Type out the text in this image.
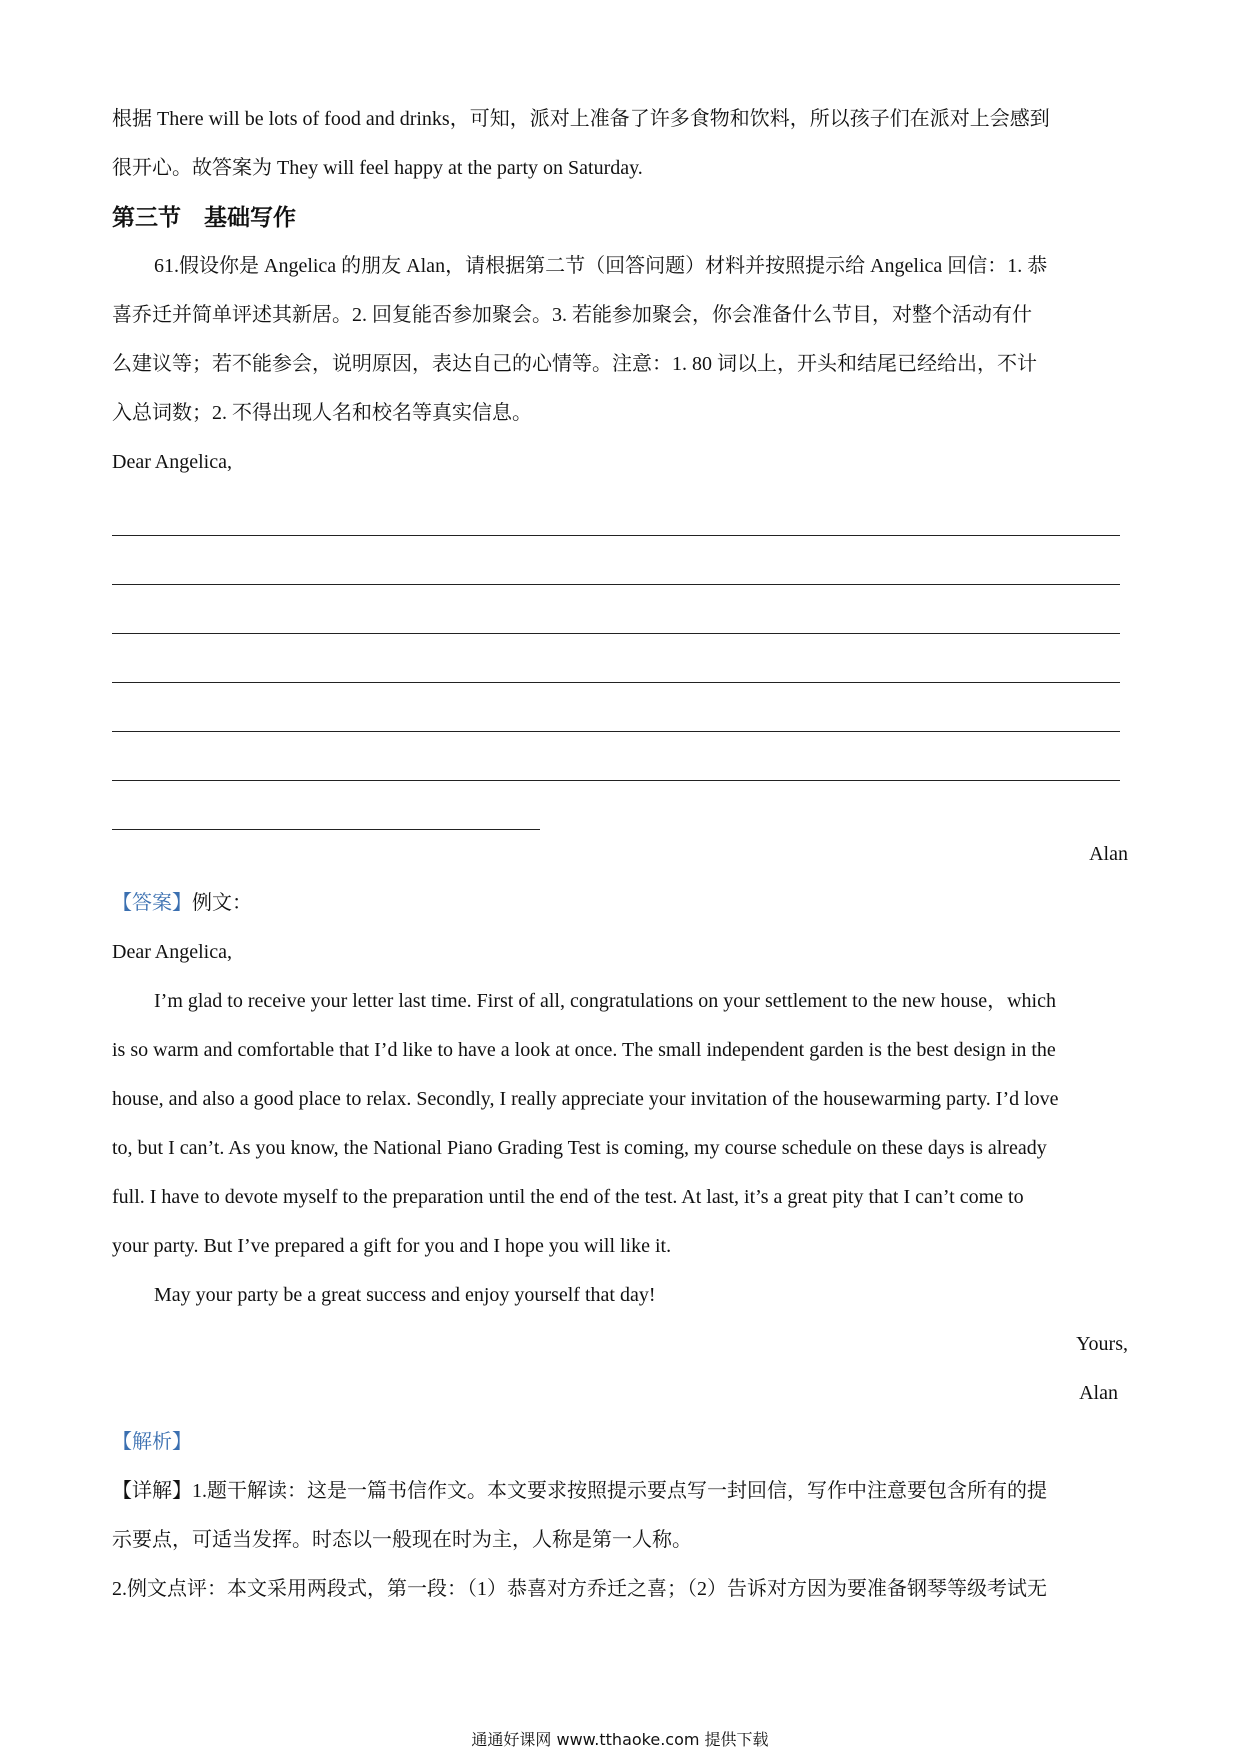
根据 There will be lots of food and drinks，可知，派对上准备了许多食物和饮料，所以孩子们在派对上会感到

很开心。故答案为 They will feel happy at the party on Saturday.

第三节　基础写作

61.假设你是 Angelica 的朋友 Alan，请根据第二节（回答问题）材料并按照提示给 Angelica 回信：1. 恭

喜乔迁并简单评述其新居。2. 回复能否参加聚会。3. 若能参加聚会，你会准备什么节目，对整个活动有什

么建议等；若不能参会，说明原因，表达自己的心情等。注意：1. 80 词以上，开头和结尾已经给出，不计

入总词数；2. 不得出现人名和校名等真实信息。

Dear Angelica,

Alan

【答案】例文：

Dear Angelica,

I’m glad to receive your letter last time. First of all, congratulations on your settlement to the new house，which

is so warm and comfortable that I’d like to have a look at once. The small independent garden is the best design in the

house, and also a good place to relax. Secondly, I really appreciate your invitation of the housewarming party. I’d love

to, but I can’t. As you know, the National Piano Grading Test is coming, my course schedule on these days is already

full. I have to devote myself to the preparation until the end of the test. At last, it’s a great pity that I can’t come to

your party. But I’ve prepared a gift for you and I hope you will like it.

May your party be a great success and enjoy yourself that day!

Yours,

Alan

【解析】

【详解】1.题干解读：这是一篇书信作文。本文要求按照提示要点写一封回信，写作中注意要包含所有的提

示要点，可适当发挥。时态以一般现在时为主，人称是第一人称。

2.例文点评：本文采用两段式，第一段：（1）恭喜对方乔迁之喜；（2）告诉对方因为要准备钢琴等级考试无

通通好课网 www.tthaoke.com 提供下载
